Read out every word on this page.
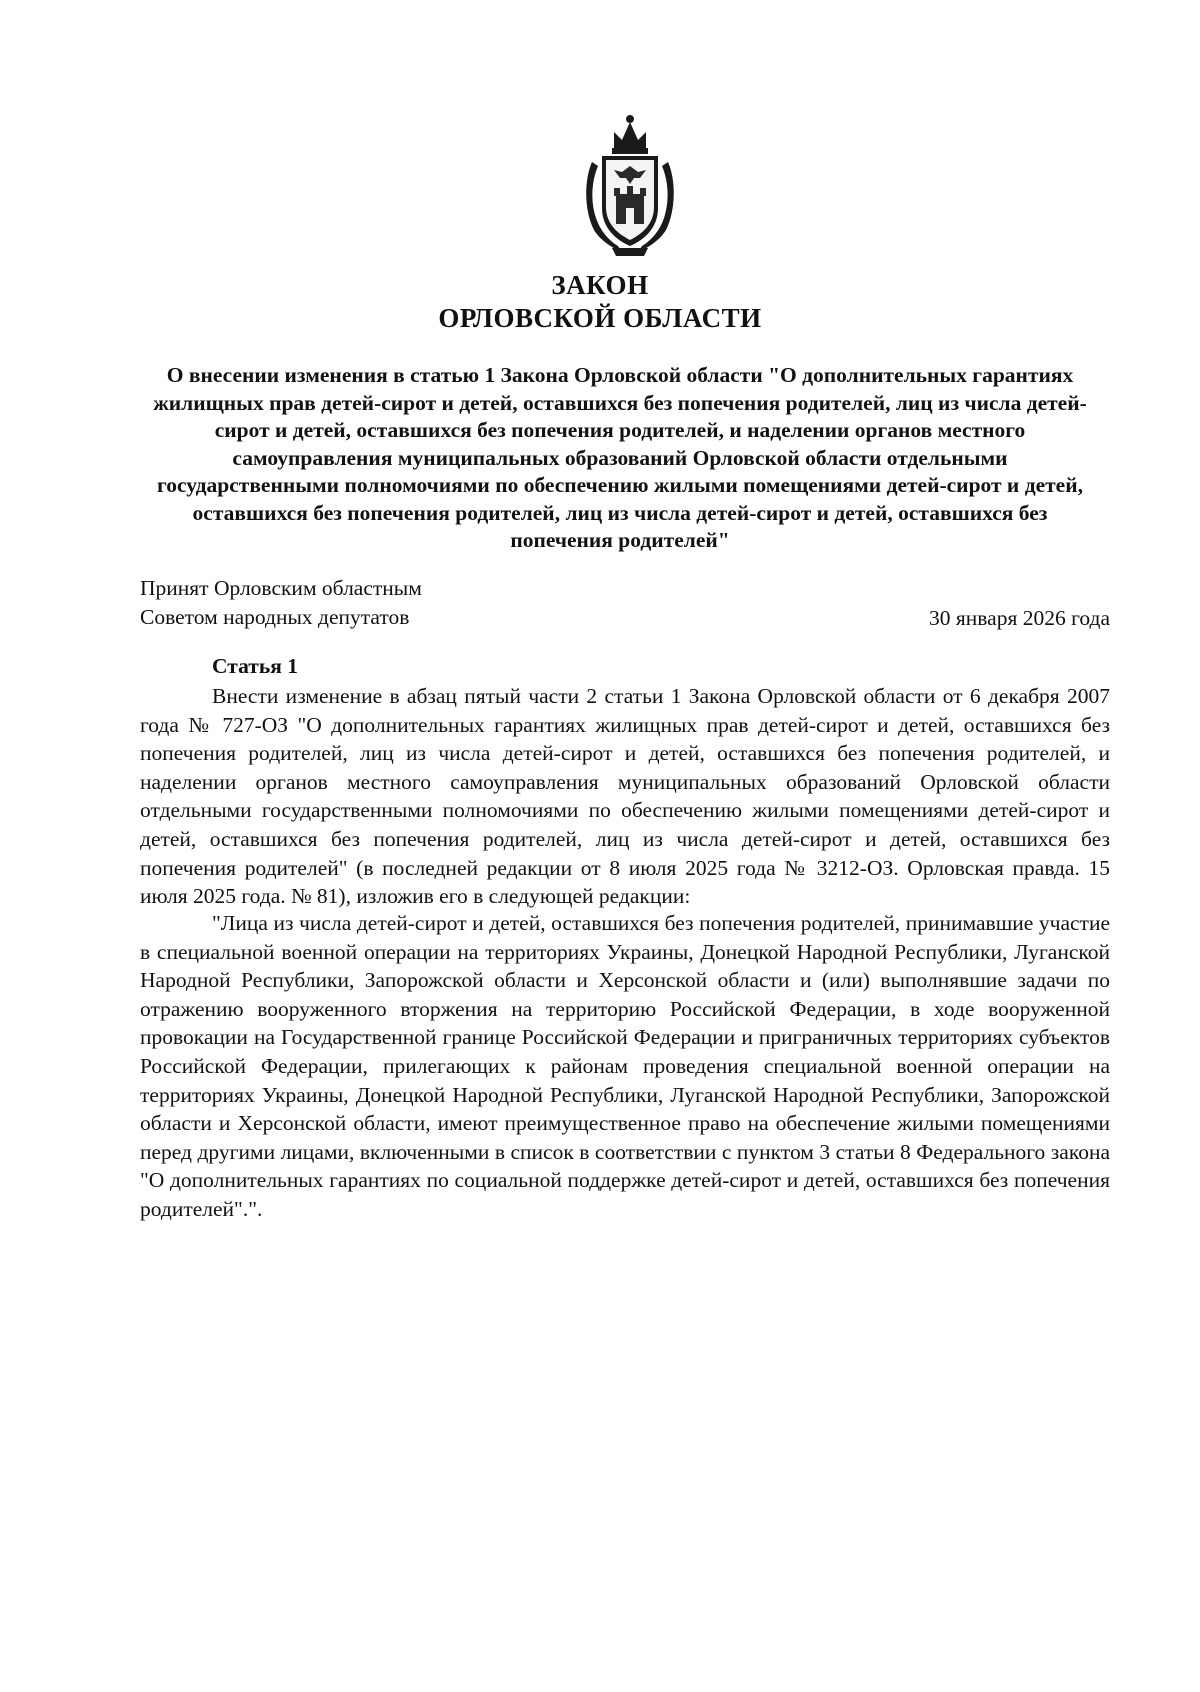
ЗАКОН
ОРЛОВСКОЙ ОБЛАСТИ
О внесении изменения в статью 1 Закона Орловской области "О дополнительных гарантиях жилищных прав детей-сирот и детей, оставшихся без попечения родителей, лиц из числа детей-сирот и детей, оставшихся без попечения родителей, и наделении органов местного самоуправления муниципальных образований Орловской области отдельными государственными полномочиями по обеспечению жилыми помещениями детей-сирот и детей, оставшихся без попечения родителей, лиц из числа детей-сирот и детей, оставшихся без попечения родителей"
Принят Орловским областным
Советом народных депутатов	30 января 2026 года
Статья 1

Внести изменение в абзац пятый части 2 статьи 1 Закона Орловской области от 6 декабря 2007 года № 727-ОЗ "О дополнительных гарантиях жилищных прав детей-сирот и детей, оставшихся без попечения родителей, лиц из числа детей-сирот и детей, оставшихся без попечения родителей, и наделении органов местного самоуправления муниципальных образований Орловской области отдельными государственными полномочиями по обеспечению жилыми помещениями детей-сирот и детей, оставшихся без попечения родителей, лиц из числа детей-сирот и детей, оставшихся без попечения родителей" (в последней редакции от 8 июля 2025 года № 3212-ОЗ. Орловская правда. 15 июля 2025 года. № 81), изложив его в следующей редакции:

"Лица из числа детей-сирот и детей, оставшихся без попечения родителей, принимавшие участие в специальной военной операции на территориях Украины, Донецкой Народной Республики, Луганской Народной Республики, Запорожской области и Херсонской области и (или) выполнявшие задачи по отражению вооруженного вторжения на территорию Российской Федерации, в ходе вооруженной провокации на Государственной границе Российской Федерации и приграничных территориях субъектов Российской Федерации, прилегающих к районам проведения специальной военной операции на территориях Украины, Донецкой Народной Республики, Луганской Народной Республики, Запорожской области и Херсонской области, имеют преимущественное право на обеспечение жилыми помещениями перед другими лицами, включенными в список в соответствии с пунктом 3 статьи 8 Федерального закона "О дополнительных гарантиях по социальной поддержке детей-сирот и детей, оставшихся без попечения родителей".".
